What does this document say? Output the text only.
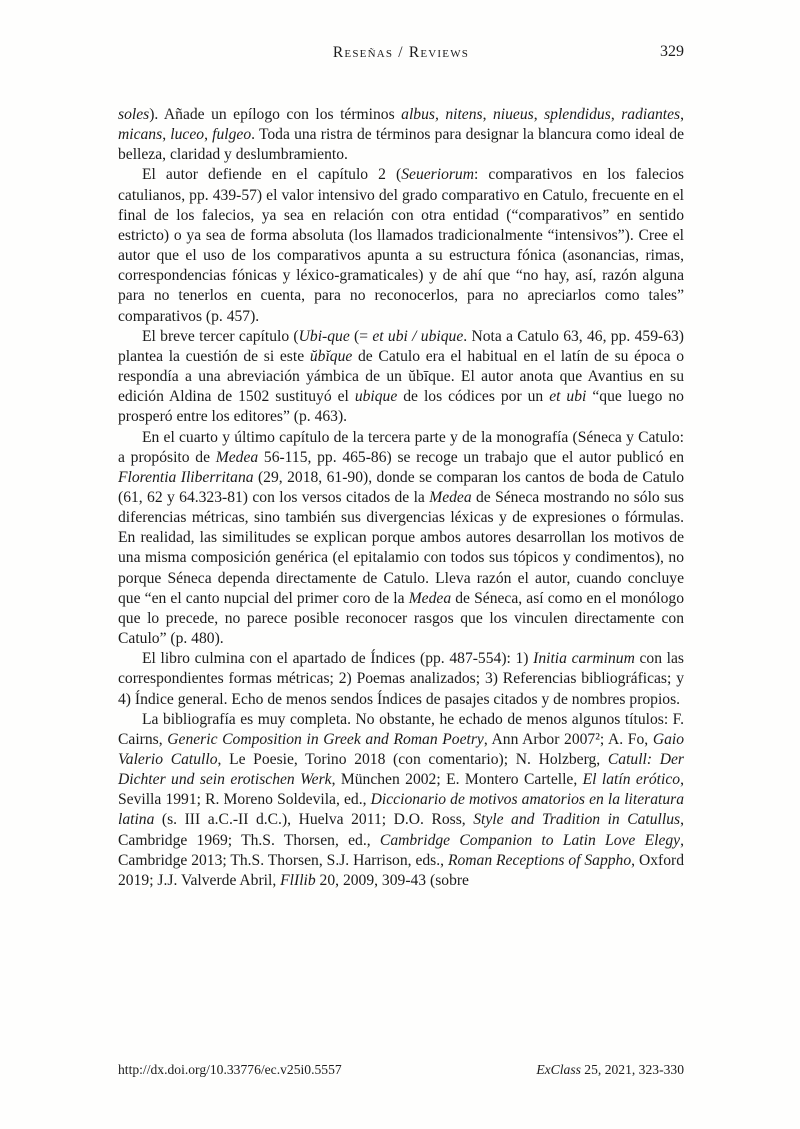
Reseñas / Reviews	329

soles). Añade un epílogo con los términos albus, nitens, niueus, splendidus, radiantes, micans, luceo, fulgeo. Toda una ristra de términos para designar la blancura como ideal de belleza, claridad y deslumbramiento.

El autor defiende en el capítulo 2 (Seueriorum: comparativos en los falecios catulianos, pp. 439-57) el valor intensivo del grado comparativo en Catulo, frecuente en el final de los falecios, ya sea en relación con otra entidad (“comparativos” en sentido estricto) o ya sea de forma absoluta (los llamados tradicionalmente “intensivos”). Cree el autor que el uso de los comparativos apunta a su estructura fónica (asonancias, rimas, correspondencias fónicas y léxico-gramaticales) y de ahí que “no hay, así, razón alguna para no tenerlos en cuenta, para no reconocerlos, para no apreciarlos como tales” comparativos (p. 457).

El breve tercer capítulo (Ubi-que (= et ubi / ubique. Nota a Catulo 63, 46, pp. 459-63) plantea la cuestión de si este ŭbĭque de Catulo era el habitual en el latín de su época o respondía a una abreviación yámbica de un ŭbīque. El autor anota que Avantius en su edición Aldina de 1502 sustituyó el ubique de los códices por un et ubi “que luego no prosperó entre los editores” (p. 463).

En el cuarto y último capítulo de la tercera parte y de la monografía (Séneca y Catulo: a propósito de Medea 56-115, pp. 465-86) se recoge un trabajo que el autor publicó en Florentia Iliberritana (29, 2018, 61-90), donde se comparan los cantos de boda de Catulo (61, 62 y 64.323-81) con los versos citados de la Medea de Séneca mostrando no sólo sus diferencias métricas, sino también sus divergencias léxicas y de expresiones o fórmulas. En realidad, las similitudes se explican porque ambos autores desarrollan los motivos de una misma composición genérica (el epitalamio con todos sus tópicos y condimentos), no porque Séneca dependa directamente de Catulo. Lleva razón el autor, cuando concluye que “en el canto nupcial del primer coro de la Medea de Séneca, así como en el monólogo que lo precede, no parece posible reconocer rasgos que los vinculen directamente con Catulo” (p. 480).

El libro culmina con el apartado de Índices (pp. 487-554): 1) Initia carminum con las correspondientes formas métricas; 2) Poemas analizados; 3) Referencias bibliográficas; y 4) Índice general. Echo de menos sendos Índices de pasajes citados y de nombres propios.

La bibliografía es muy completa. No obstante, he echado de menos algunos títulos: F. Cairns, Generic Composition in Greek and Roman Poetry, Ann Arbor 2007²; A. Fo, Gaio Valerio Catullo, Le Poesie, Torino 2018 (con comentario); N. Holzberg, Catull: Der Dichter und sein erotischen Werk, München 2002; E. Montero Cartelle, El latín erótico, Sevilla 1991; R. Moreno Soldevila, ed., Diccionario de motivos amatorios en la literatura latina (s. III a.C.-II d.C.), Huelva 2011; D.O. Ross, Style and Tradition in Catullus, Cambridge 1969; Th.S. Thorsen, ed., Cambridge Companion to Latin Love Elegy, Cambridge 2013; Th.S. Thorsen, S.J. Harrison, eds., Roman Receptions of Sappho, Oxford 2019; J.J. Valverde Abril, FlIlib 20, 2009, 309-43 (sobre

http://dx.doi.org/10.33776/ec.v25i0.5557	ExClass 25, 2021, 323-330
